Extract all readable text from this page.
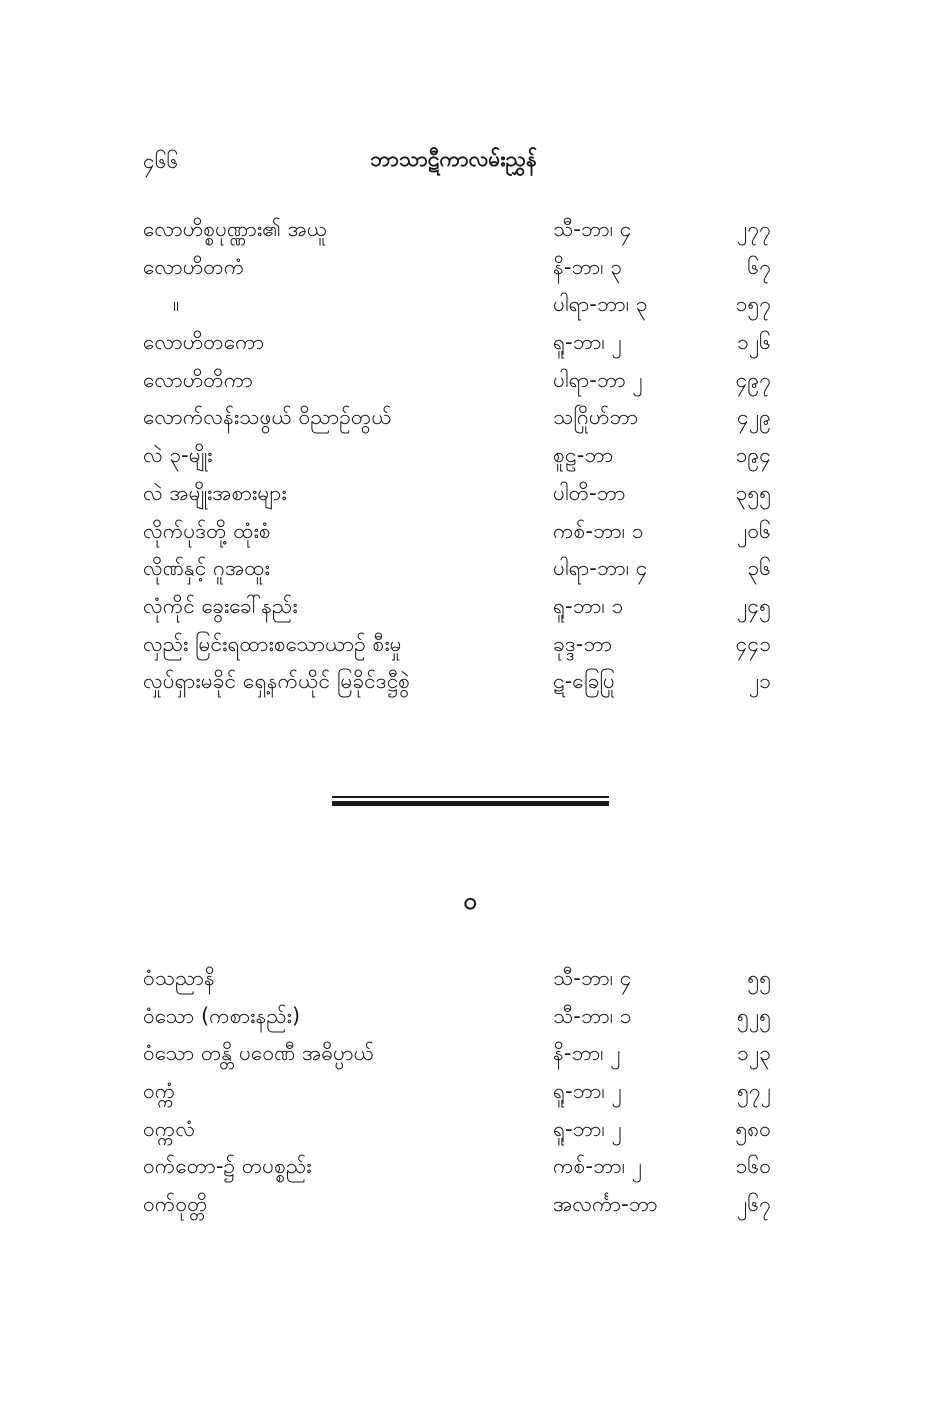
၄၆၆	ဘာသာဋီကာလမ်းညွှန်
လောဟိစ္စပုဏ္ဏား၏ အယူ	သီ-ဘာ၊ ၄	၂၇၇
လောဟိတကံ	နိ-ဘာ၊ ၃	၆၇
။	ပါရာ-ဘာ၊ ၃	၁၅၇
လောဟိတကော	ရူ-ဘာ၊ ၂	၁၂၆
လောဟိတိကာ	ပါရာ-ဘာ ၂	၄၉၇
လောက်လန်းသဖွယ် ဝိညာဉ်တွယ်	သဂြိုဟ်ဘာ	၄၂၉
လဲ ၃-မျိုး	စူဠ-ဘာ	၁၉၄
လဲ အမျိုးအစားများ	ပါတိ-ဘာ	၃၅၅
လိုက်ပုဒ်တို့ ထုံးစံ	ကစ်-ဘာ၊ ၁	၂၀၆
လိုဏ်နှင့် ဂူအထူး	ပါရာ-ဘာ၊ ၄	၃၆
လုံကိုင် ခွေးခေါ်နည်း	ရူ-ဘာ၊ ၁	၂၄၅
လှည်း မြင်းရထားစသောယာဉ် စီးမှု	ခုဒ္ဒ-ဘာ	၄၄၁
လှုပ်ရှားမခိုင် ရှေ့နက်ယိုင် မြခိုင်ဒဋ္ဌီစွဲ	ဋ-ခြေပြု	၂၁
ဝ
ဝံသညာနိ	သီ-ဘာ၊ ၄	၅၅
ဝံသော (ကစားနည်း)	သီ-ဘာ၊ ၁	၅၂၅
ဝံသော တန္တိ ပဝေဏီ အဓိပ္ပာယ်	နိ-ဘာ၊ ၂	၁၂၃
ဝက္ကံ	ရူ-ဘာ၊ ၂	၅၇၂
ဝက္ကလံ	ရူ-ဘာ၊ ၂	၅၈၀
ဝက်တော-၌ တပစ္စည်း	ကစ်-ဘာ၊ ၂	၁၆၀
ဝက်ဝုတ္တိ	အလင်္ကာ-ဘာ	၂၆၇
